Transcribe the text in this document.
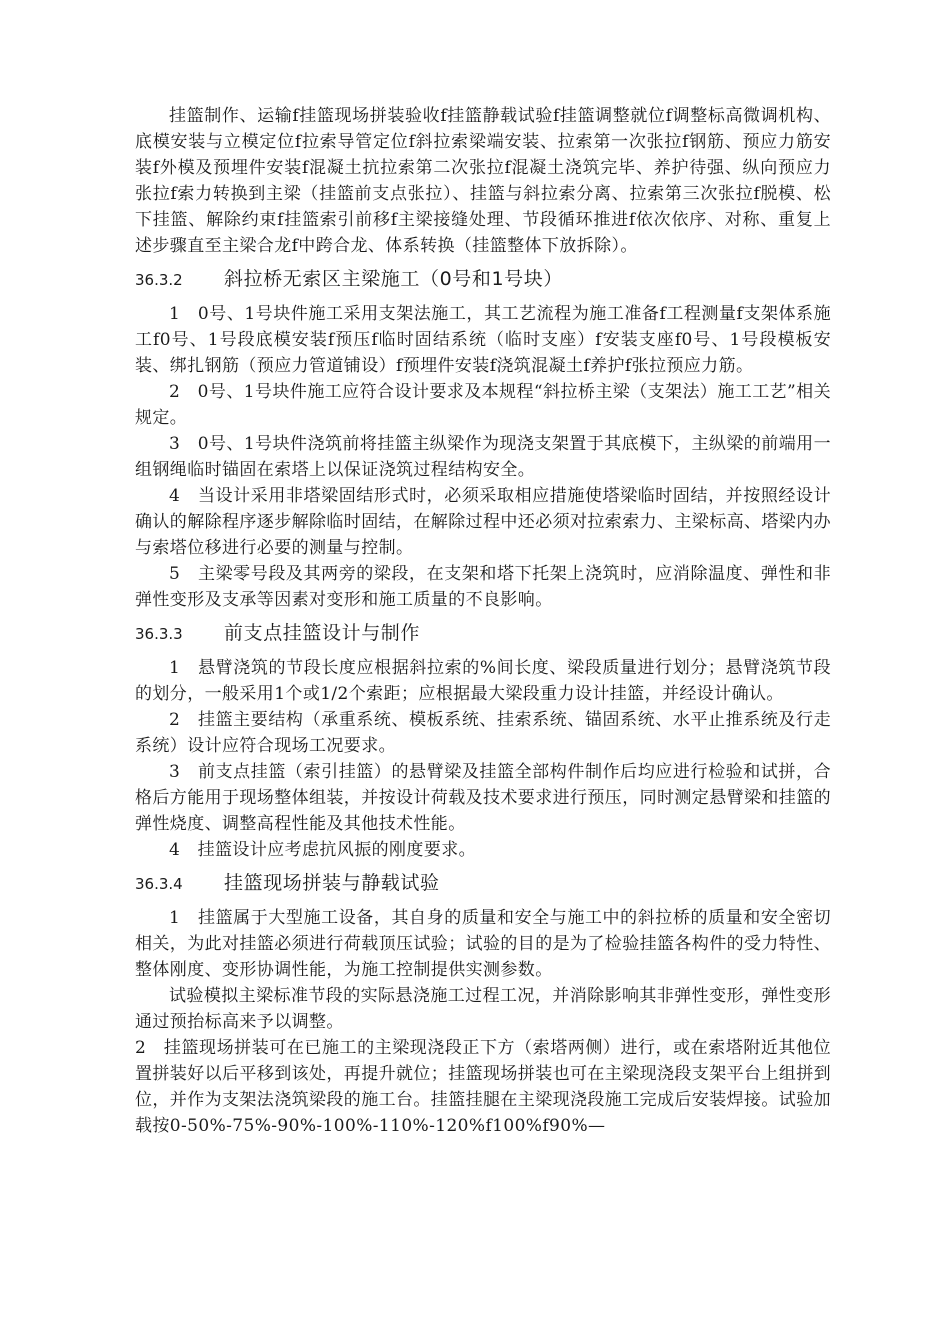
挂篮制作、运输f挂篮现场拼装验收f挂篮静载试验f挂篮调整就位f调整标高微调机构、底模安装与立模定位f拉索导管定位f斜拉索梁端安装、拉索第一次张拉f钢筋、预应力筋安装f外模及预埋件安装f混凝土抗拉索第二次张拉f混凝土浇筑完毕、养护待强、纵向预应力张拉f索力转换到主梁（挂篮前支点张拉）、挂篮与斜拉索分离、拉索第三次张拉f脱模、松下挂篮、解除约束f挂篮索引前移f主梁接缝处理、节段循环推进f依次依序、对称、重复上述步骤直至主梁合龙f中跨合龙、体系转换（挂篮整体下放拆除）。

36.3.2	斜拉桥无索区主梁施工（0号和1号块）

1　0号、1号块件施工采用支架法施工，其工艺流程为施工准备f工程测量f支架体系施工f0号、1号段底模安装f预压f临时固结系统（临时支座）f安装支座f0号、1号段模板安装、绑扎钢筋（预应力管道铺设）f预埋件安装f浇筑混凝土f养护f张拉预应力筋。

2　0号、1号块件施工应符合设计要求及本规程“斜拉桥主梁（支架法）施工工艺”相关规定。

3　0号、1号块件浇筑前将挂篮主纵梁作为现浇支架置于其底模下，主纵梁的前端用一组钢绳临时锚固在索塔上以保证浇筑过程结构安全。

4　当设计采用非塔梁固结形式时，必须采取相应措施使塔梁临时固结，并按照经设计确认的解除程序逐步解除临时固结，在解除过程中还必须对拉索索力、主梁标高、塔梁内办与索塔位移进行必要的测量与控制。

5　主梁零号段及其两旁的梁段，在支架和塔下托架上浇筑时，应消除温度、弹性和非弹性变形及支承等因素对变形和施工质量的不良影响。

36.3.3	前支点挂篮设计与制作

1　悬臂浇筑的节段长度应根据斜拉索的%间长度、梁段质量进行划分；悬臂浇筑节段的划分，一般采用1个或1/2个索距；应根据最大梁段重力设计挂篮，并经设计确认。

2　挂篮主要结构（承重系统、模板系统、挂索系统、锚固系统、水平止推系统及行走系统）设计应符合现场工况要求。

3　前支点挂篮（索引挂篮）的悬臂梁及挂篮全部构件制作后均应进行检验和试拼，合格后方能用于现场整体组装，并按设计荷载及技术要求进行预压，同时测定悬臂梁和挂篮的弹性烧度、调整高程性能及其他技术性能。

4　挂篮设计应考虑抗风振的刚度要求。

36.3.4	挂篮现场拼装与静载试验

1　挂篮属于大型施工设备，其自身的质量和安全与施工中的斜拉桥的质量和安全密切相关，为此对挂篮必须进行荷载顶压试验；试验的目的是为了检验挂篮各构件的受力特性、整体刚度、变形协调性能，为施工控制提供实测参数。

试验模拟主梁标准节段的实际悬浇施工过程工况，并消除影响其非弹性变形，弹性变形通过预抬标高来予以调整。

2　挂篮现场拼装可在已施工的主梁现浇段正下方（索塔两侧）进行，或在索塔附近其他位置拼装好以后平移到该处，再提升就位；挂篮现场拼装也可在主梁现浇段支架平台上组拼到位，并作为支架法浇筑梁段的施工台。挂篮挂腿在主梁现浇段施工完成后安装焊接。试验加载按0-50%-75%-90%-100%-110%-120%f100%f90%—
